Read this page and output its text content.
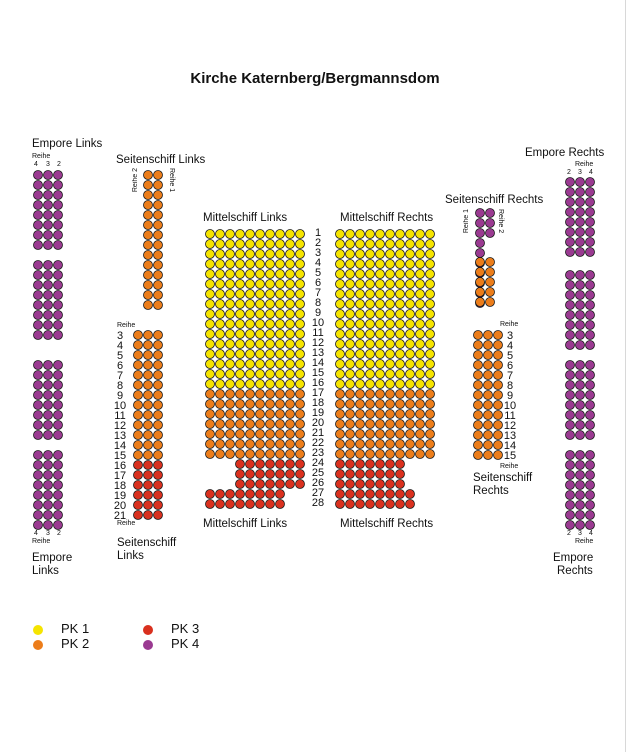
Kirche Katernberg/Bergmannsdom
Empore Links
Empore
Links
Seitenschiff Links
Seitenschiff
Links
Mittelschiff Links
Mittelschiff Links
Mittelschiff Rechts
Mittelschiff Rechts
Seitenschiff Rechts
Seitenschiff
Rechts
Empore Rechts
Empore
Rechts
Reihe
4 3 2
4 3 2
Reihe
Reihe
2 3 4
2 3 4
Reihe
Reihe 2	Reihe 1
Reihe
Reihe
Reihe 1	Reihe 2
Reihe
Reihe
1
2
3
4
5
6
7
8
9
10
11
12
13
14
15
16
17
18
19
20
21
22
23
24
25
26
27
28
3
4
5
6
7
8
9
10
11
12
13
14
15
16
17
18
19
20
21
3
4
5
6
7
8
9
10
11
12
13
14
15
PK 1
PK 2
PK 3
PK 4
